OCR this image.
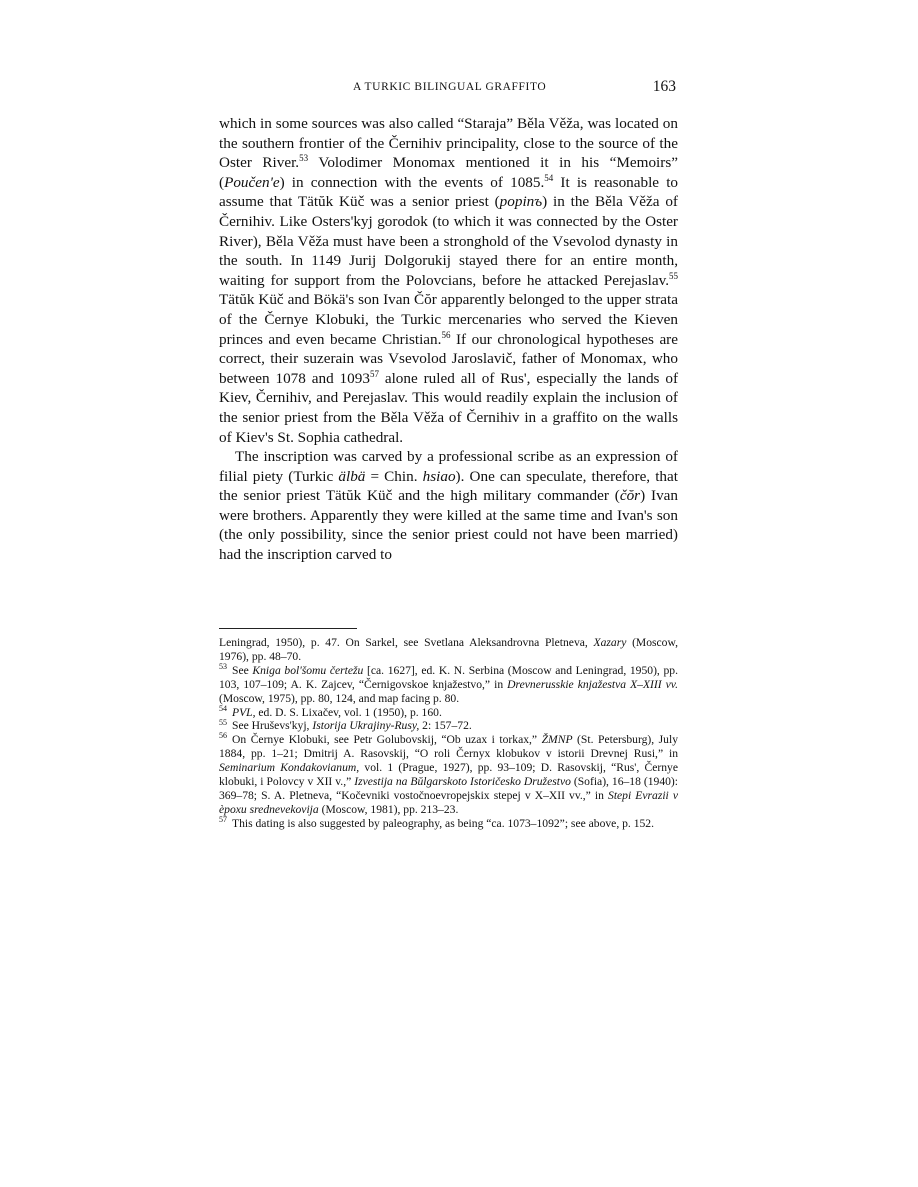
A TURKIC BILINGUAL GRAFFITO	163

which in some sources was also called “Staraja” Běla Věža, was located on the southern frontier of the Černihiv principality, close to the source of the Oster River.$^{53}$ Volodimer Monomax mentioned it in his “Memoirs” (Poučen'e) in connection with the events of 1085.54 It is reasonable to assume that Tätŭk Küč was a senior priest (popinъ) in the Běla Věža of Černihiv. Like Osters'kyj gorodok (to which it was connected by the Oster River), Běla Věža must have been a stronghold of the Vsevolod dynasty in the south. In 1149 Jurij Dolgorukij stayed there for an entire month, waiting for support from the Polovcians, before he attacked Perejaslav.$^{55}$ Tätŭk Küč and Bökä's son Ivan Čŏr apparently belonged to the upper strata of the Černye Klobuki, the Turkic mercenaries who served the Kieven princes and even became Christian.$^{56}$ If our chronological hypotheses are correct, their suzerain was Vsevolod Jaroslavič, father of Monomax, who between 1078 and 1093$^{57}$ alone ruled all of Rus', especially the lands of Kiev, Černihiv, and Perejaslav. This would readily explain the inclusion of the senior priest from the Běla Věža of Černihiv in a graffito on the walls of Kiev's St. Sophia cathedral.

The inscription was carved by a professional scribe as an expression of filial piety (Turkic älbä = Chin. hsiao). One can speculate, therefore, that the senior priest Tätŭk Küč and the high military commander (čŏr) Ivan were brothers. Apparently they were killed at the same time and Ivan's son (the only possibility, since the senior priest could not have been married) had the inscription carved to

Leningrad, 1950), p. 47. On Sarkel, see Svetlana Aleksandrovna Pletneva, Xazary (Moscow, 1976), pp. 48–70.

$^{53}$ See Kniga bol'šomu čertežu [ca. 1627], ed. K. N. Serbina (Moscow and Leningrad, 1950), pp. 103, 107–109; A. K. Zajcev, “Černigovskoe knjažestvo,” in Drevnerusskie knjažestva X–XIII vv. (Moscow, 1975), pp. 80, 124, and map facing p. 80.

$^{54}$ PVL, ed. D. S. Lixačev, vol. 1 (1950), p. 160.

$^{55}$ See Hruševs'kyj, Istorija Ukrajiny-Rusy, 2: 157–72.

$^{56}$ On Černye Klobuki, see Petr Golubovskij, “Ob uzax i torkax,” ŽMNP (St. Petersburg), July 1884, pp. 1–21; Dmitrij A. Rasovskij, “O roli Černyx klobukov v istorii Drevnej Rusi,” in Seminarium Kondakovianum, vol. 1 (Prague, 1927), pp. 93–109; D. Rasovskij, “Rus', Černye klobuki, i Polovcy v XII v.,” Izvestija na Bŭlgarskoto Istoričesko Družestvo (Sofia), 16–18 (1940): 369–78; S. A. Pletneva, “Kočevniki vostočnoevropejskix stepej v X–XII vv.,” in Stepi Evrazii v èpoxu srednevekovija (Moscow, 1981), pp. 213–23.

$^{57}$ This dating is also suggested by paleography, as being “ca. 1073–1092”; see above, p. 152.
